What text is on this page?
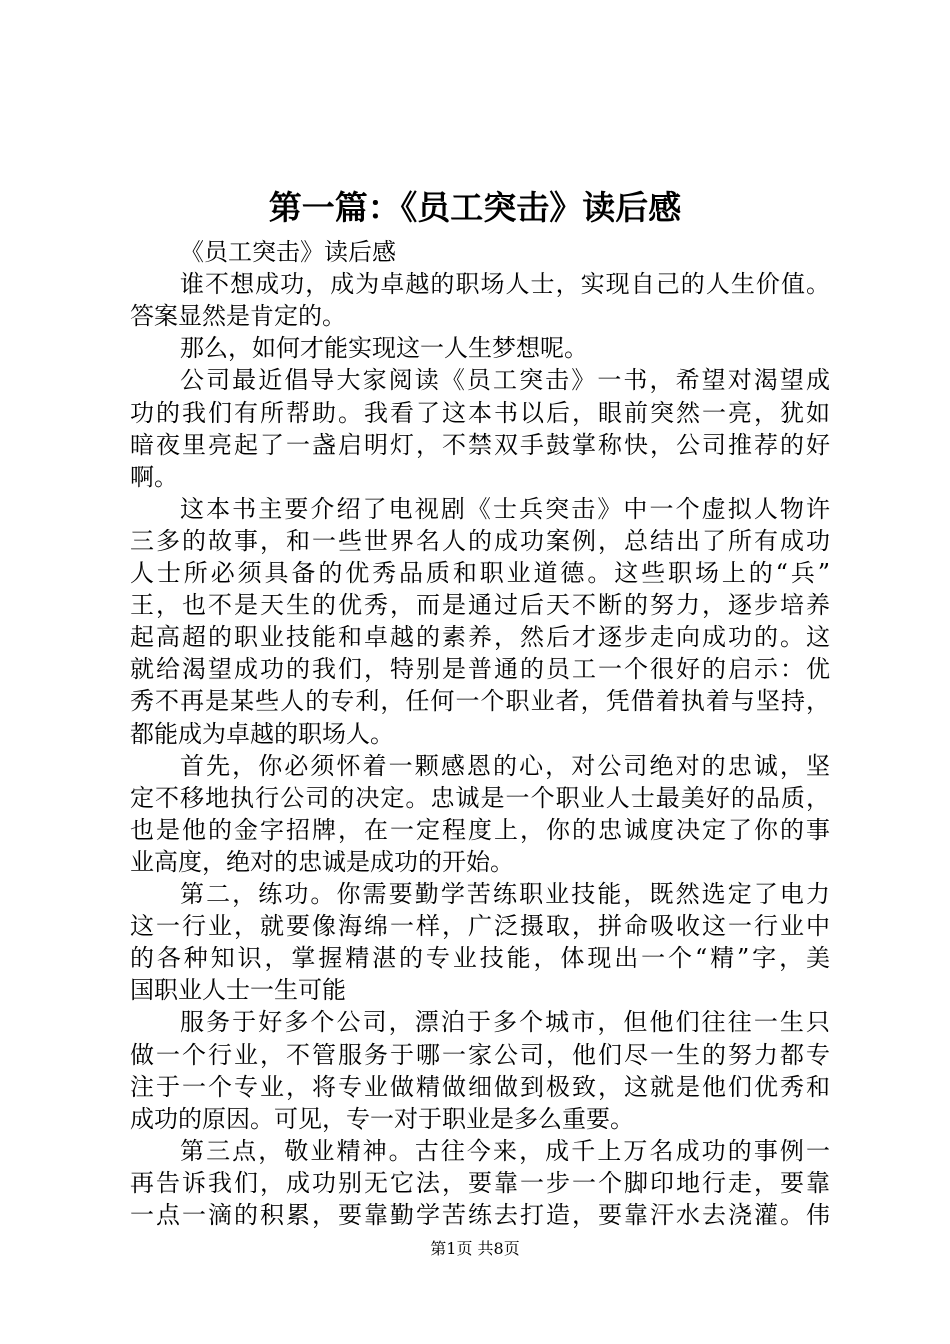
第一篇：《员工突击》读后感
《员工突击》读后感
谁不想成功，成为卓越的职场人士，实现自己的人生价值。
答案显然是肯定的。
那么，如何才能实现这一人生梦想呢。
公司最近倡导大家阅读《员工突击》一书，希望对渴望成
功的我们有所帮助。我看了这本书以后，眼前突然一亮，犹如
暗夜里亮起了一盏启明灯，不禁双手鼓掌称快，公司推荐的好
啊。
这本书主要介绍了电视剧《士兵突击》中一个虚拟人物许
三多的故事，和一些世界名人的成功案例，总结出了所有成功
人士所必须具备的优秀品质和职业道德。这些职场上的“兵”
王，也不是天生的优秀，而是通过后天不断的努力，逐步培养
起高超的职业技能和卓越的素养，然后才逐步走向成功的。这
就给渴望成功的我们，特别是普通的员工一个很好的启示：优
秀不再是某些人的专利，任何一个职业者，凭借着执着与坚持，
都能成为卓越的职场人。
首先，你必须怀着一颗感恩的心，对公司绝对的忠诚，坚
定不移地执行公司的决定。忠诚是一个职业人士最美好的品质，
也是他的金字招牌，在一定程度上，你的忠诚度决定了你的事
业高度，绝对的忠诚是成功的开始。
第二，练功。你需要勤学苦练职业技能，既然选定了电力
这一行业，就要像海绵一样，广泛摄取，拼命吸收这一行业中
的各种知识，掌握精湛的专业技能，体现出一个“精”字，美
国职业人士一生可能
服务于好多个公司，漂泊于多个城市，但他们往往一生只
做一个行业，不管服务于哪一家公司，他们尽一生的努力都专
注于一个专业，将专业做精做细做到极致，这就是他们优秀和
成功的原因。可见，专一对于职业是多么重要。
第三点，敬业精神。古往今来，成千上万名成功的事例一
再告诉我们，成功别无它法，要靠一步一个脚印地行走，要靠
一点一滴的积累，要靠勤学苦练去打造，要靠汗水去浇灌。伟
第1页 共8页
